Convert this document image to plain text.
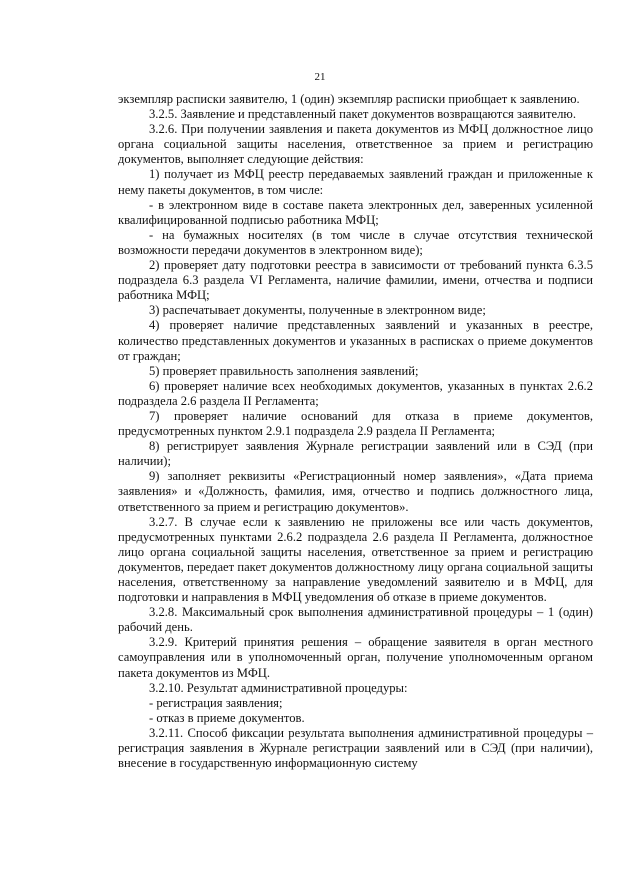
21

экземпляр расписки заявителю, 1 (один) экземпляр расписки приобщает к заявлению.

3.2.5. Заявление и представленный пакет документов возвращаются заявителю.

3.2.6. При получении заявления и пакета документов из МФЦ должностное лицо органа социальной защиты населения, ответственное за прием и регистрацию документов, выполняет следующие действия:

1) получает из МФЦ реестр передаваемых заявлений граждан и приложенные к нему пакеты документов, в том числе:

- в электронном виде в составе пакета электронных дел, заверенных усиленной квалифицированной подписью работника МФЦ;

- на бумажных носителях (в том числе в случае отсутствия технической возможности передачи документов в электронном виде);

2) проверяет дату подготовки реестра в зависимости от требований пункта 6.3.5 подраздела 6.3 раздела VI Регламента, наличие фамилии, имени, отчества и подписи работника МФЦ;

3) распечатывает документы, полученные в электронном виде;

4) проверяет наличие представленных заявлений и указанных в реестре, количество представленных документов и указанных в расписках о приеме документов от граждан;

5) проверяет правильность заполнения заявлений;

6) проверяет наличие всех необходимых документов, указанных в пунктах 2.6.2 подраздела 2.6 раздела II Регламента;

7) проверяет наличие оснований для отказа в приеме документов, предусмотренных пунктом 2.9.1 подраздела 2.9 раздела II Регламента;

8) регистрирует заявления Журнале регистрации заявлений или в СЭД (при наличии);

9) заполняет реквизиты «Регистрационный номер заявления», «Дата приема заявления» и «Должность, фамилия, имя, отчество и подпись должностного лица, ответственного за прием и регистрацию документов».

3.2.7. В случае если к заявлению не приложены все или часть документов, предусмотренных пунктами 2.6.2 подраздела 2.6 раздела II Регламента, должностное лицо органа социальной защиты населения, ответственное за прием и регистрацию документов, передает пакет документов должностному лицу органа социальной защиты населения, ответственному за направление уведомлений заявителю и в МФЦ, для подготовки и направления в МФЦ уведомления об отказе в приеме документов.

3.2.8. Максимальный срок выполнения административной процедуры – 1 (один) рабочий день.

3.2.9. Критерий принятия решения – обращение заявителя в орган местного самоуправления или в уполномоченный орган, получение уполномоченным органом пакета документов из МФЦ.

3.2.10. Результат административной процедуры:

- регистрация заявления;

- отказ в приеме документов.

3.2.11. Способ фиксации результата выполнения административной процедуры – регистрация заявления в Журнале регистрации заявлений или в СЭД (при наличии), внесение в государственную информационную систему
